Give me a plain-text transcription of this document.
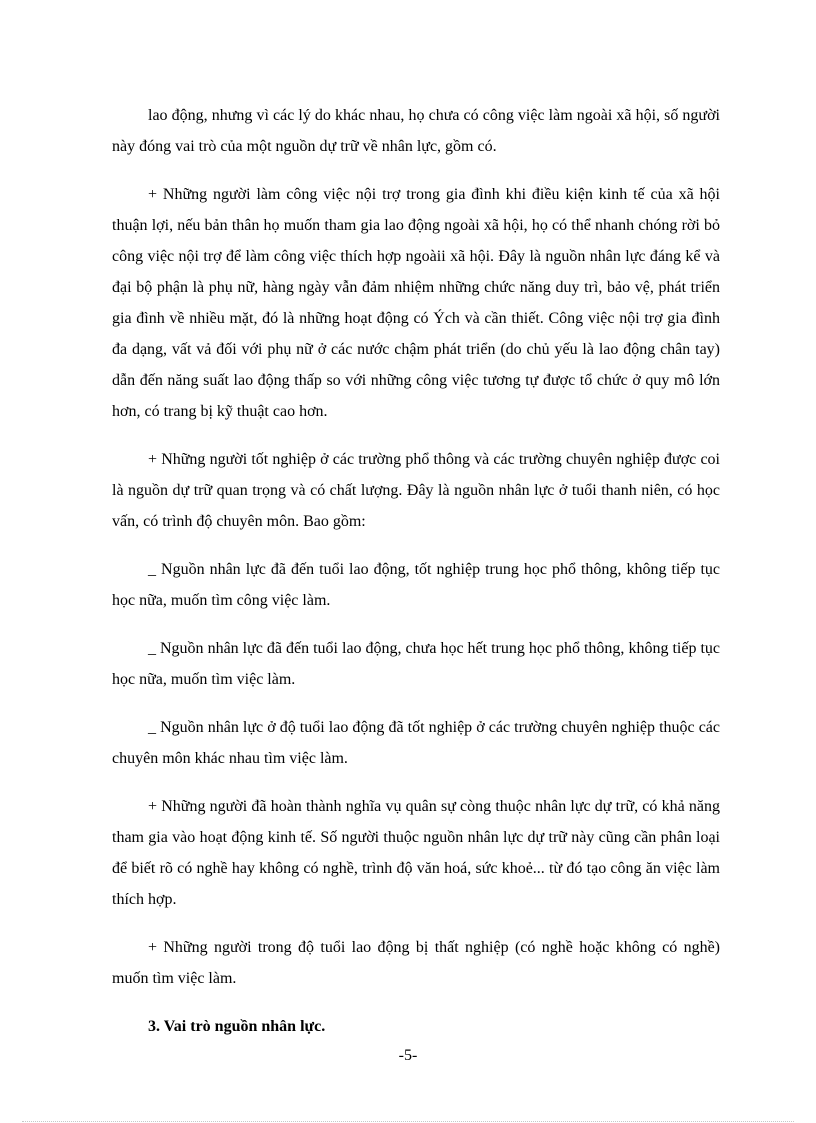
lao động, nhưng vì các lý do khác nhau, họ chưa có công việc làm ngoài xã hội, số người này đóng vai trò của một nguồn dự trữ về nhân lực, gồm có.

+ Những người làm công việc nội trợ trong gia đình khi điều kiện kinh tế của xã hội thuận lợi, nếu bản thân họ muốn tham gia lao động ngoài xã hội, họ có thể nhanh chóng rời bỏ công việc nội trợ để làm công việc thích hợp ngoàii xã hội. Đây là nguồn nhân lực đáng kể và đại bộ phận là phụ nữ, hàng ngày vẫn đảm nhiệm những chức năng duy trì, bảo vệ, phát triển gia đình về nhiều mặt, đó là những hoạt động có Ých và cần thiết. Công việc nội trợ gia đình đa dạng, vất vả đối với phụ nữ ở các nước chậm phát triển (do chủ yếu là lao động chân tay) dẫn đến năng suất lao động thấp so với những công việc tương tự được tổ chức ở quy mô lớn hơn, có trang bị kỹ thuật cao hơn.

+ Những người tốt nghiệp ở các trường phổ thông và các trường chuyên nghiệp được coi là nguồn dự trữ quan trọng và có chất lượng. Đây là nguồn nhân lực ở tuổi thanh niên, có học vấn, có trình độ chuyên môn. Bao gồm:

_ Nguồn nhân lực đã đến tuổi lao động, tốt nghiệp trung học phổ thông, không tiếp tục học nữa, muốn tìm công việc làm.

_ Nguồn nhân lực đã đến tuổi lao động, chưa học hết trung học phổ thông, không tiếp tục học nữa, muốn tìm việc làm.

_ Nguồn nhân lực ở độ tuổi lao động đã tốt nghiệp ở các trường chuyên nghiệp thuộc các chuyên môn khác nhau tìm việc làm.

+ Những người đã hoàn thành nghĩa vụ quân sự còng thuộc nhân lực dự trữ, có khả năng tham gia vào hoạt động kinh tế. Số người thuộc nguồn nhân lực dự trữ này cũng cần phân loại để biết rõ có nghề hay không có nghề, trình độ văn hoá, sức khoẻ... từ đó tạo công ăn việc làm thích hợp.

+ Những người trong độ tuổi lao động bị thất nghiệp (có nghề hoặc không có nghề) muốn tìm việc làm.

3. Vai trò nguồn nhân lực.

-5-
